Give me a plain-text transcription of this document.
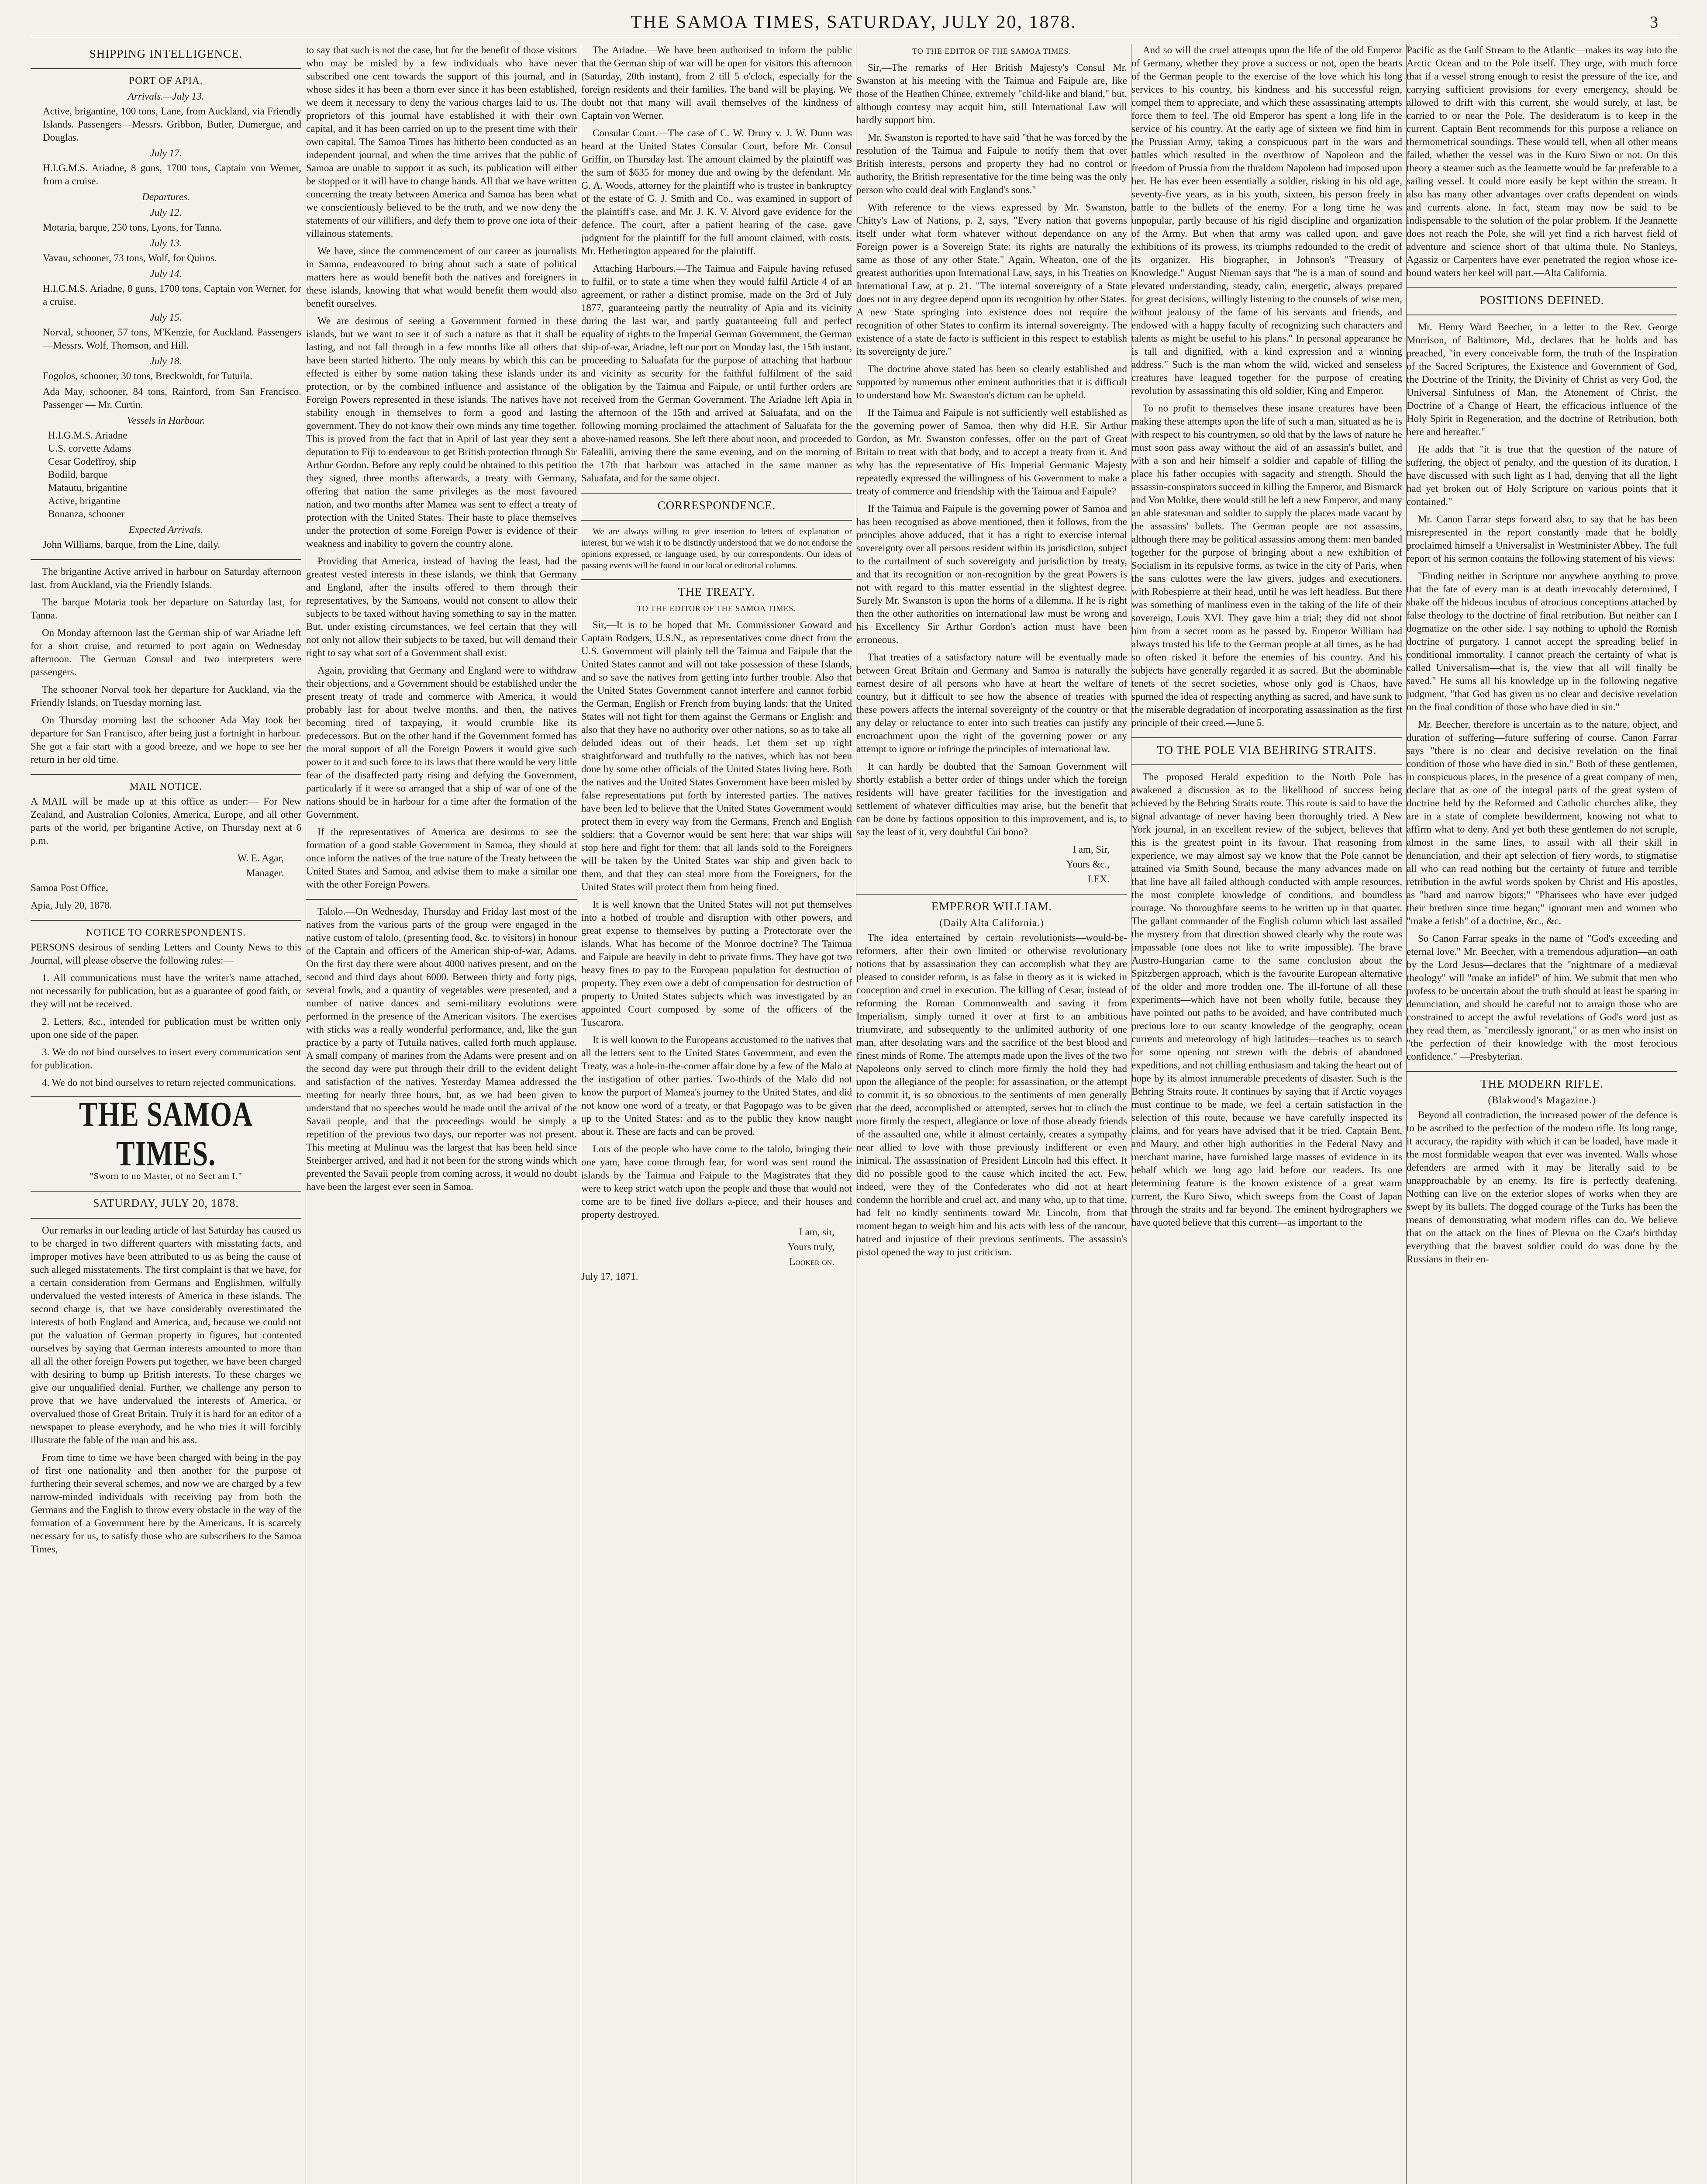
THE SAMOA TIMES, SATURDAY, JULY 20, 1878.	3
SHIPPING INTELLIGENCE.
PORT OF APIA.
Arrivals.—July 13.

Active, brigantine, 100 tons, Lane, from Auckland, via Friendly Islands. Passengers—Messrs. Gribbon, Butler, Dumergue, and Douglas.

July 17.

H.I.G.M.S. Ariadne, 8 guns, 1700 tons, Captain von Werner, from a cruise.

Departures.
July 12.

Motaria, barque, 250 tons, Lyons, for Tanna.

July 13.

Vavau, schooner, 73 tons, Wolf, for Quiros.

July 14.

H.I.G.M.S. Ariadne, 8 guns, 1700 tons, Captain von Werner, for a cruise.

July 15.

Norval, schooner, 57 tons, M'Kenzie, for Auckland. Passengers—Messrs. Wolf, Thomson, and Hill.

July 18.

Fogolos, schooner, 30 tons, Breckwoldt, for Tutuila.

Ada May, schooner, 84 tons, Rainford, from San Francisco. Passenger — Mr. Curtin.

Vessels in Harbour.
H.I.G.M.S. Ariadne
U.S. corvette Adams
Cesar Godeffroy, ship
Bodild, barque
Matautu, brigantine
Active, brigantine
Bonanza, schooner
Expected Arrivals.

John Williams, barque, from the Line, daily.

The brigantine Active arrived in harbour on Saturday afternoon last, from Auckland, via the Friendly Islands.

The barque Motaria took her departure on Saturday last, for Tanna.

On Monday afternoon last the German ship of war Ariadne left for a short cruise, and returned to port again on Wednesday afternoon. The German Consul and two interpreters were passengers.

The schooner Norval took her departure for Auckland, via the Friendly Islands, on Tuesday morning last.

On Thursday morning last the schooner Ada May took her departure for San Francisco, after being just a fortnight in harbour. She got a fair start with a good breeze, and we hope to see her return in her old time.

MAIL NOTICE.

A MAIL will be made up at this office as under:— For New Zealand, and Australian Colonies, America, Europe, and all other parts of the world, per brigantine Active, on Thursday next at 6 p.m.

W. E. Agar,

Manager.

Samoa Post Office,

Apia, July 20, 1878.

NOTICE TO CORRESPONDENTS.

PERSONS desirous of sending Letters and County News to this Journal, will please observe the following rules:—

1. All communications must have the writer's name attached, not necessarily for publication, but as a guarantee of good faith, or they will not be received.

2. Letters, &c., intended for publication must be written only upon one side of the paper.

3. We do not bind ourselves to insert every communication sent for publication.

4. We do not bind ourselves to return rejected communications.

THE SAMOA TIMES.
"Sworn to no Master, of no Sect am I."
SATURDAY, JULY 20, 1878.

Our remarks in our leading article of last Saturday has caused us to be charged in two different quarters with misstating facts, and improper motives have been attributed to us as being the cause of such alleged misstatements. The first complaint is that we have, for a certain consideration from Germans and Englishmen, wilfully undervalued the vested interests of America in these islands. The second charge is, that we have considerably overestimated the interests of both England and America, and, because we could not put the valuation of German property in figures, but contented ourselves by saying that German interests amounted to more than all all the other foreign Powers put together, we have been charged with desiring to bump up British interests. To these charges we give our unqualified denial. Further, we challenge any person to prove that we have undervalued the interests of America, or overvalued those of Great Britain. Truly it is hard for an editor of a newspaper to please everybody, and he who tries it will forcibly illustrate the fable of the man and his ass.

From time to time we have been charged with being in the pay of first one nationality and then another for the purpose of furthering their several schemes, and now we are charged by a few narrow-minded individuals with receiving pay from both the Germans and the English to throw every obstacle in the way of the formation of a Government here by the Americans. It is scarcely necessary for us, to satisfy those who are subscribers to the Samoa Times,

to say that such is not the case, but for the benefit of those visitors who may be misled by a few individuals who have never subscribed one cent towards the support of this journal, and in whose sides it has been a thorn ever since it has been established, we deem it necessary to deny the various charges laid to us. The proprietors of this journal have established it with their own capital, and it has been carried on up to the present time with their own capital. The Samoa Times has hitherto been conducted as an independent journal, and when the time arrives that the public of Samoa are unable to support it as such, its publication will either be stopped or it will have to change hands. All that we have written concerning the treaty between America and Samoa has been what we conscientiously believed to be the truth, and we now deny the statements of our villifiers, and defy them to prove one iota of their villainous statements.

We have, since the commencement of our career as journalists in Samoa, endeavoured to bring about such a state of political matters here as would benefit both the natives and foreigners in these islands, knowing that what would benefit them would also benefit ourselves.

We are desirous of seeing a Government formed in these islands, but we want to see it of such a nature as that it shall be lasting, and not fall through in a few months like all others that have been started hitherto. The only means by which this can be effected is either by some nation taking these islands under its protection, or by the combined influence and assistance of the Foreign Powers represented in these islands. The natives have not stability enough in themselves to form a good and lasting government. They do not know their own minds any time together. This is proved from the fact that in April of last year they sent a deputation to Fiji to endeavour to get British protection through Sir Arthur Gordon. Before any reply could be obtained to this petition they signed, three months afterwards, a treaty with Germany, offering that nation the same privileges as the most favoured nation, and two months after Mamea was sent to effect a treaty of protection with the United States. Their haste to place themselves under the protection of some Foreign Power is evidence of their weakness and inability to govern the country alone.

Providing that America, instead of having the least, had the greatest vested interests in these islands, we think that Germany and England, after the insults offered to them through their representatives, by the Samoans, would not consent to allow their subjects to be taxed without having something to say in the matter. But, under existing circumstances, we feel certain that they will not only not allow their subjects to be taxed, but will demand their right to say what sort of a Government shall exist.

Again, providing that Germany and England were to withdraw their objections, and a Government should be established under the present treaty of trade and commerce with America, it would probably last for about twelve months, and then, the natives becoming tired of taxpaying, it would crumble like its predecessors. But on the other hand if the Government formed has the moral support of all the Foreign Powers it would give such power to it and such force to its laws that there would be very little fear of the disaffected party rising and defying the Government, particularly if it were so arranged that a ship of war of one of the nations should be in harbour for a time after the formation of the Government.

If the representatives of America are desirous to see the formation of a good stable Government in Samoa, they should at once inform the natives of the true nature of the Treaty between the United States and Samoa, and advise them to make a similar one with the other Foreign Powers.

Talolo.—On Wednesday, Thursday and Friday last most of the natives from the various parts of the group were engaged in the native custom of talolo, (presenting food, &c. to visitors) in honour of the Captain and officers of the American ship-of-war, Adams. On the first day there were about 4000 natives present, and on the second and third days about 6000. Between thirty and forty pigs, several fowls, and a quantity of vegetables were presented, and a number of native dances and semi-military evolutions were performed in the presence of the American visitors. The exercises with sticks was a really wonderful performance, and, like the gun practice by a party of Tutuila natives, called forth much applause. A small company of marines from the Adams were present and on the second day were put through their drill to the evident delight and satisfaction of the natives. Yesterday Mamea addressed the meeting for nearly three hours, but, as we had been given to understand that no speeches would be made until the arrival of the Savaii people, and that the proceedings would be simply a repetition of the previous two days, our reporter was not present. This meeting at Mulinuu was the largest that has been held since Steinberger arrived, and had it not been for the strong winds which prevented the Savaii people from coming across, it would no doubt have been the largest ever seen in Samoa.

The Ariadne.—We have been authorised to inform the public that the German ship of war will be open for visitors this afternoon (Saturday, 20th instant), from 2 till 5 o'clock, especially for the foreign residents and their families. The band will be playing. We doubt not that many will avail themselves of the kindness of Captain von Werner.

Consular Court.—The case of C. W. Drury v. J. W. Dunn was heard at the United States Consular Court, before Mr. Consul Griffin, on Thursday last. The amount claimed by the plaintiff was the sum of $635 for money due and owing by the defendant. Mr. G. A. Woods, attorney for the plaintiff who is trustee in bankruptcy of the estate of G. J. Smith and Co., was examined in support of the plaintiff's case, and Mr. J. K. V. Alvord gave evidence for the defence. The court, after a patient hearing of the case, gave judgment for the plaintiff for the full amount claimed, with costs. Mr. Hetherington appeared for the plaintiff.

Attaching Harbours.—The Taimua and Faipule having refused to fulfil, or to state a time when they would fulfil Article 4 of an agreement, or rather a distinct promise, made on the 3rd of July 1877, guaranteeing partly the neutrality of Apia and its vicinity during the last war, and partly guaranteeing full and perfect equality of rights to the Imperial German Government, the German ship-of-war, Ariadne, left our port on Monday last, the 15th instant, proceeding to Saluafata for the purpose of attaching that harbour and vicinity as security for the faithful fulfilment of the said obligation by the Taimua and Faipule, or until further orders are received from the German Government. The Ariadne left Apia in the afternoon of the 15th and arrived at Saluafata, and on the following morning proclaimed the attachment of Saluafata for the above-named reasons. She left there about noon, and proceeded to Falealili, arriving there the same evening, and on the morning of the 17th that harbour was attached in the same manner as Saluafata, and for the same object.

CORRESPONDENCE.

We are always willing to give insertion to letters of explanation or interest, but we wish it to be distinctly understood that we do not endorse the opinions expressed, or language used, by our correspondents. Our ideas of passing events will be found in our local or editorial columns.

THE TREATY.
TO THE EDITOR OF THE SAMOA TIMES.

Sir,—It is to be hoped that Mr. Commissioner Goward and Captain Rodgers, U.S.N., as representatives come direct from the U.S. Government will plainly tell the Taimua and Faipule that the United States cannot and will not take possession of these Islands, and so save the natives from getting into further trouble. Also that the United States Government cannot interfere and cannot forbid the German, English or French from buying lands: that the United States will not fight for them against the Germans or English: and also that they have no authority over other nations, so as to take all deluded ideas out of their heads. Let them set up right straightforward and truthfully to the natives, which has not been done by some other officials of the United States living here. Both the natives and the United States Government have been misled by false representations put forth by interested parties. The natives have been led to believe that the United States Government would protect them in every way from the Germans, French and English soldiers: that a Governor would be sent here: that war ships will stop here and fight for them: that all lands sold to the Foreigners will be taken by the United States war ship and given back to them, and that they can steal more from the Foreigners, for the United States will protect them from being fined.

It is well known that the United States will not put themselves into a hotbed of trouble and disruption with other powers, and great expense to themselves by putting a Protectorate over the islands. What has become of the Monroe doctrine? The Taimua and Faipule are heavily in debt to private firms. They have got two heavy fines to pay to the European population for destruction of property. They even owe a debt of compensation for destruction of property to United States subjects which was investigated by an appointed Court composed by some of the officers of the Tuscarora.

It is well known to the Europeans accustomed to the natives that all the letters sent to the United States Government, and even the Treaty, was a hole-in-the-corner affair done by a few of the Malo at the instigation of other parties. Two-thirds of the Malo did not know the purport of Mamea's journey to the United States, and did not know one word of a treaty, or that Pagopago was to be given up to the United States: and as to the public they know naught about it. These are facts and can be proved.

Lots of the people who have come to the talolo, bringing their one yam, have come through fear, for word was sent round the islands by the Taimua and Faipule to the Magistrates that they were to keep strict watch upon the people and those that would not come are to be fined five dollars a-piece, and their houses and property destroyed.

I am, sir,

Yours truly,

Looker on.

July 17, 1871.

TO THE EDITOR OF THE SAMOA TIMES.

Sir,—The remarks of Her British Majesty's Consul Mr. Swanston at his meeting with the Taimua and Faipule are, like those of the Heathen Chinee, extremely "child-like and bland," but, although courtesy may acquit him, still International Law will hardly support him.

Mr. Swanston is reported to have said "that he was forced by the resolution of the Taimua and Faipule to notify them that over British interests, persons and property they had no control or authority, the British representative for the time being was the only person who could deal with England's sons."

With reference to the views expressed by Mr. Swanston, Chitty's Law of Nations, p. 2, says, "Every nation that governs itself under what form whatever without dependance on any Foreign power is a Sovereign State: its rights are naturally the same as those of any other State." Again, Wheaton, one of the greatest authorities upon International Law, says, in his Treaties on International Law, at p. 21. "The internal sovereignty of a State does not in any degree depend upon its recognition by other States. A new State springing into existence does not require the recognition of other States to confirm its internal sovereignty. The existence of a state de facto is sufficient in this respect to establish its sovereignty de jure."

The doctrine above stated has been so clearly established and supported by numerous other eminent authorities that it is difficult to understand how Mr. Swanston's dictum can be upheld.

If the Taimua and Faipule is not sufficiently well established as the governing power of Samoa, then why did H.E. Sir Arthur Gordon, as Mr. Swanston confesses, offer on the part of Great Britain to treat with that body, and to accept a treaty from it. And why has the representative of His Imperial Germanic Majesty repeatedly expressed the willingness of his Government to make a treaty of commerce and friendship with the Taimua and Faipule?

If the Taimua and Faipule is the governing power of Samoa and has been recognised as above mentioned, then it follows, from the principles above adduced, that it has a right to exercise internal sovereignty over all persons resident within its jurisdiction, subject to the curtailment of such sovereignty and jurisdiction by treaty, and that its recognition or non-recognition by the great Powers is not with regard to this matter essential in the slightest degree. Surely Mr. Swanston is upon the horns of a dilemma. If he is right then the other authorities on international law must be wrong and his Excellency Sir Arthur Gordon's action must have been erroneous.

That treaties of a satisfactory nature will be eventually made between Great Britain and Germany and Samoa is naturally the earnest desire of all persons who have at heart the welfare of country, but it difficult to see how the absence of treaties with these powers affects the internal sovereignty of the country or that any delay or reluctance to enter into such treaties can justify any encroachment upon the right of the governing power or any attempt to ignore or infringe the principles of international law.

It can hardly be doubted that the Samoan Government will shortly establish a better order of things under which the foreign residents will have greater facilities for the investigation and settlement of whatever difficulties may arise, but the benefit that can be done by factious opposition to this improvement, and is, to say the least of it, very doubtful Cui bono?

I am, Sir,

Yours &c.,

LEX.

EMPEROR WILLIAM.
(Daily Alta California.)

The idea entertained by certain revolutionists—would-be-reformers, after their own limited or otherwise revolutionary notions that by assassination they can accomplish what they are pleased to consider reform, is as false in theory as it is wicked in conception and cruel in execution. The killing of Cesar, instead of reforming the Roman Commonwealth and saving it from Imperialism, simply turned it over at first to an ambitious triumvirate, and subsequently to the unlimited authority of one man, after desolating wars and the sacrifice of the best blood and finest minds of Rome. The attempts made upon the lives of the two Napoleons only served to clinch more firmly the hold they had upon the allegiance of the people: for assassination, or the attempt to commit it, is so obnoxious to the sentiments of men generally that the deed, accomplished or attempted, serves but to clinch the more firmly the respect, allegiance or love of those already friends of the assaulted one, while it almost certainly, creates a sympathy near allied to love with those previously indifferent or even inimical. The assassination of President Lincoln had this effect. It did no possible good to the cause which incited the act. Few, indeed, were they of the Confederates who did not at heart condemn the horrible and cruel act, and many who, up to that time, had felt no kindly sentiments toward Mr. Lincoln, from that moment began to weigh him and his acts with less of the rancour, hatred and injustice of their previous sentiments. The assassin's pistol opened the way to just criticism.

And so will the cruel attempts upon the life of the old Emperor of Germany, whether they prove a success or not, open the hearts of the German people to the exercise of the love which his long services to his country, his kindness and his successful reign, compel them to appreciate, and which these assassinating attempts force them to feel. The old Emperor has spent a long life in the service of his country. At the early age of sixteen we find him in the Prussian Army, taking a conspicuous part in the wars and battles which resulted in the overthrow of Napoleon and the freedom of Prussia from the thraldom Napoleon had imposed upon her. He has ever been essentially a soldier, risking in his old age, seventy-five years, as in his youth, sixteen, his person freely in battle to the bullets of the enemy. For a long time he was unpopular, partly because of his rigid discipline and organization of the Army. But when that army was called upon, and gave exhibitions of its prowess, its triumphs redounded to the credit of its organizer. His biographer, in Johnson's "Treasury of Knowledge." August Nieman says that "he is a man of sound and elevated understanding, steady, calm, energetic, always prepared for great decisions, willingly listening to the counsels of wise men, without jealousy of the fame of his servants and friends, and endowed with a happy faculty of recognizing such characters and talents as might be useful to his plans." In personal appearance he is tall and dignified, with a kind expression and a winning address." Such is the man whom the wild, wicked and senseless creatures have leagued together for the purpose of creating revolution by assassinating this old soldier, King and Emperor.

To no profit to themselves these insane creatures have been making these attempts upon the life of such a man, situated as he is with respect to his countrymen, so old that by the laws of nature he must soon pass away without the aid of an assassin's bullet, and with a son and heir himself a soldier and capable of filling the place his father occupies with sagacity and strength. Should the assassin-conspirators succeed in killing the Emperor, and Bismarck and Von Moltke, there would still be left a new Emperor, and many an able statesman and soldier to supply the places made vacant by the assassins' bullets. The German people are not assassins, although there may be political assassins among them: men banded together for the purpose of bringing about a new exhibition of Socialism in its repulsive forms, as twice in the city of Paris, when the sans culottes were the law givers, judges and executioners, with Robespierre at their head, until he was left headless. But there was something of manliness even in the taking of the life of their sovereign, Louis XVI. They gave him a trial; they did not shoot him from a secret room as he passed by. Emperor William had always trusted his life to the German people at all times, as he had so often risked it before the enemies of his country. And his subjects have generally regarded it as sacred. But the abominable tenets of the secret societies, whose only god is Chaos, have spurned the idea of respecting anything as sacred, and have sunk to the miserable degradation of incorporating assassination as the first principle of their creed.—June 5.

TO THE POLE VIA BEHRING STRAITS.

The proposed Herald expedition to the North Pole has awakened a discussion as to the likelihood of success being achieved by the Behring Straits route. This route is said to have the signal advantage of never having been thoroughly tried. A New York journal, in an excellent review of the subject, believes that this is the greatest point in its favour. That reasoning from experience, we may almost say we know that the Pole cannot be attained via Smith Sound, because the many advances made on that line have all failed although conducted with ample resources, the most complete knowledge of conditions, and boundless courage. No thoroughfare seems to be written up in that quarter. The gallant commander of the English column which last assailed the mystery from that direction showed clearly why the route was impassable (one does not like to write impossible). The brave Austro-Hungarian came to the same conclusion about the Spitzbergen approach, which is the favourite European alternative of the older and more trodden one. The ill-fortune of all these experiments—which have not been wholly futile, because they have pointed out paths to be avoided, and have contributed much precious lore to our scanty knowledge of the geography, ocean currents and meteorology of high latitudes—teaches us to search for some opening not strewn with the debris of abandoned expeditions, and not chilling enthusiasm and taking the heart out of hope by its almost innumerable precedents of disaster. Such is the Behring Straits route. It continues by saying that if Arctic voyages must continue to be made, we feel a certain satisfaction in the selection of this route, because we have carefully inspected its claims, and for years have advised that it be tried. Captain Bent, and Maury, and other high authorities in the Federal Navy and merchant marine, have furnished large masses of evidence in its behalf which we long ago laid before our readers. Its one determining feature is the known existence of a great warm current, the Kuro Siwo, which sweeps from the Coast of Japan through the straits and far beyond. The eminent hydrographers we have quoted believe that this current—as important to the

Pacific as the Gulf Stream to the Atlantic—makes its way into the Arctic Ocean and to the Pole itself. They urge, with much force that if a vessel strong enough to resist the pressure of the ice, and carrying sufficient provisions for every emergency, should be allowed to drift with this current, she would surely, at last, be carried to or near the Pole. The desideratum is to keep in the current. Captain Bent recommends for this purpose a reliance on thermometrical soundings. These would tell, when all other means failed, whether the vessel was in the Kuro Siwo or not. On this theory a steamer such as the Jeannette would be far preferable to a sailing vessel. It could more easily be kept within the stream. It also has many other advantages over crafts dependent on winds and currents alone. In fact, steam may now be said to be indispensable to the solution of the polar problem. If the Jeannette does not reach the Pole, she will yet find a rich harvest field of adventure and science short of that ultima thule. No Stanleys, Agassiz or Carpenters have ever penetrated the region whose ice-bound waters her keel will part.—Alta California.

POSITIONS DEFINED.

Mr. Henry Ward Beecher, in a letter to the Rev. George Morrison, of Baltimore, Md., declares that he holds and has preached, "in every conceivable form, the truth of the Inspiration of the Sacred Scriptures, the Existence and Government of God, the Doctrine of the Trinity, the Divinity of Christ as very God, the Universal Sinfulness of Man, the Atonement of Christ, the Doctrine of a Change of Heart, the efficacious influence of the Holy Spirit in Regeneration, and the doctrine of Retribution, both here and hereafter."

He adds that "it is true that the question of the nature of suffering, the object of penalty, and the question of its duration, I have discussed with such light as I had, denying that all the light had yet broken out of Holy Scripture on various points that it contained."

Mr. Canon Farrar steps forward also, to say that he has been misrepresented in the report constantly made that he boldly proclaimed himself a Universalist in Westminister Abbey. The full report of his sermon contains the following statement of his views:

"Finding neither in Scripture nor anywhere anything to prove that the fate of every man is at death irrevocably determined, I shake off the hideous incubus of atrocious conceptions attached by false theology to the doctrine of final retribution. But neither can I dogmatize on the other side. I say nothing to uphold the Romish doctrine of purgatory. I cannot accept the spreading belief in conditional immortality. I cannot preach the certainty of what is called Universalism—that is, the view that all will finally be saved." He sums all his knowledge up in the following negative judgment, "that God has given us no clear and decisive revelation on the final condition of those who have died in sin."

Mr. Beecher, therefore is uncertain as to the nature, object, and duration of suffering—future suffering of course. Canon Farrar says "there is no clear and decisive revelation on the final condition of those who have died in sin." Both of these gentlemen, in conspicuous places, in the presence of a great company of men, declare that as one of the integral parts of the great system of doctrine held by the Reformed and Catholic churches alike, they are in a state of complete bewilderment, knowing not what to affirm what to deny. And yet both these gentlemen do not scruple, almost in the same lines, to assail with all their skill in denunciation, and their apt selection of fiery words, to stigmatise all who can read nothing but the certainty of future and terrible retribution in the awful words spoken by Christ and His apostles, as "hard and narrow bigots;" "Pharisees who have ever judged their brethren since time began;" ignorant men and women who "make a fetish" of a doctrine, &c., &c.

So Canon Farrar speaks in the name of "God's exceeding and eternal love." Mr. Beecher, with a tremendous adjuration—an oath by the Lord Jesus—declares that the "nightmare of a mediæval theology" will "make an infidel" of him. We submit that men who profess to be uncertain about the truth should at least be sparing in denunciation, and should be careful not to arraign those who are constrained to accept the awful revelations of God's word just as they read them, as "mercilessly ignorant," or as men who insist on "the perfection of their knowledge with the most ferocious confidence." —Presbyterian.

THE MODERN RIFLE.
(Blakwood's Magazine.)

Beyond all contradiction, the increased power of the defence is to be ascribed to the perfection of the modern rifle. Its long range, it accuracy, the rapidity with which it can be loaded, have made it the most formidable weapon that ever was invented. Walls whose defenders are armed with it may be literally said to be unapproachable by an enemy. Its fire is perfectly deafening. Nothing can live on the exterior slopes of works when they are swept by its bullets. The dogged courage of the Turks has been the means of demonstrating what modern rifles can do. We believe that on the attack on the lines of Plevna on the Czar's birthday everything that the bravest soldier could do was done by the Russians in their en-
